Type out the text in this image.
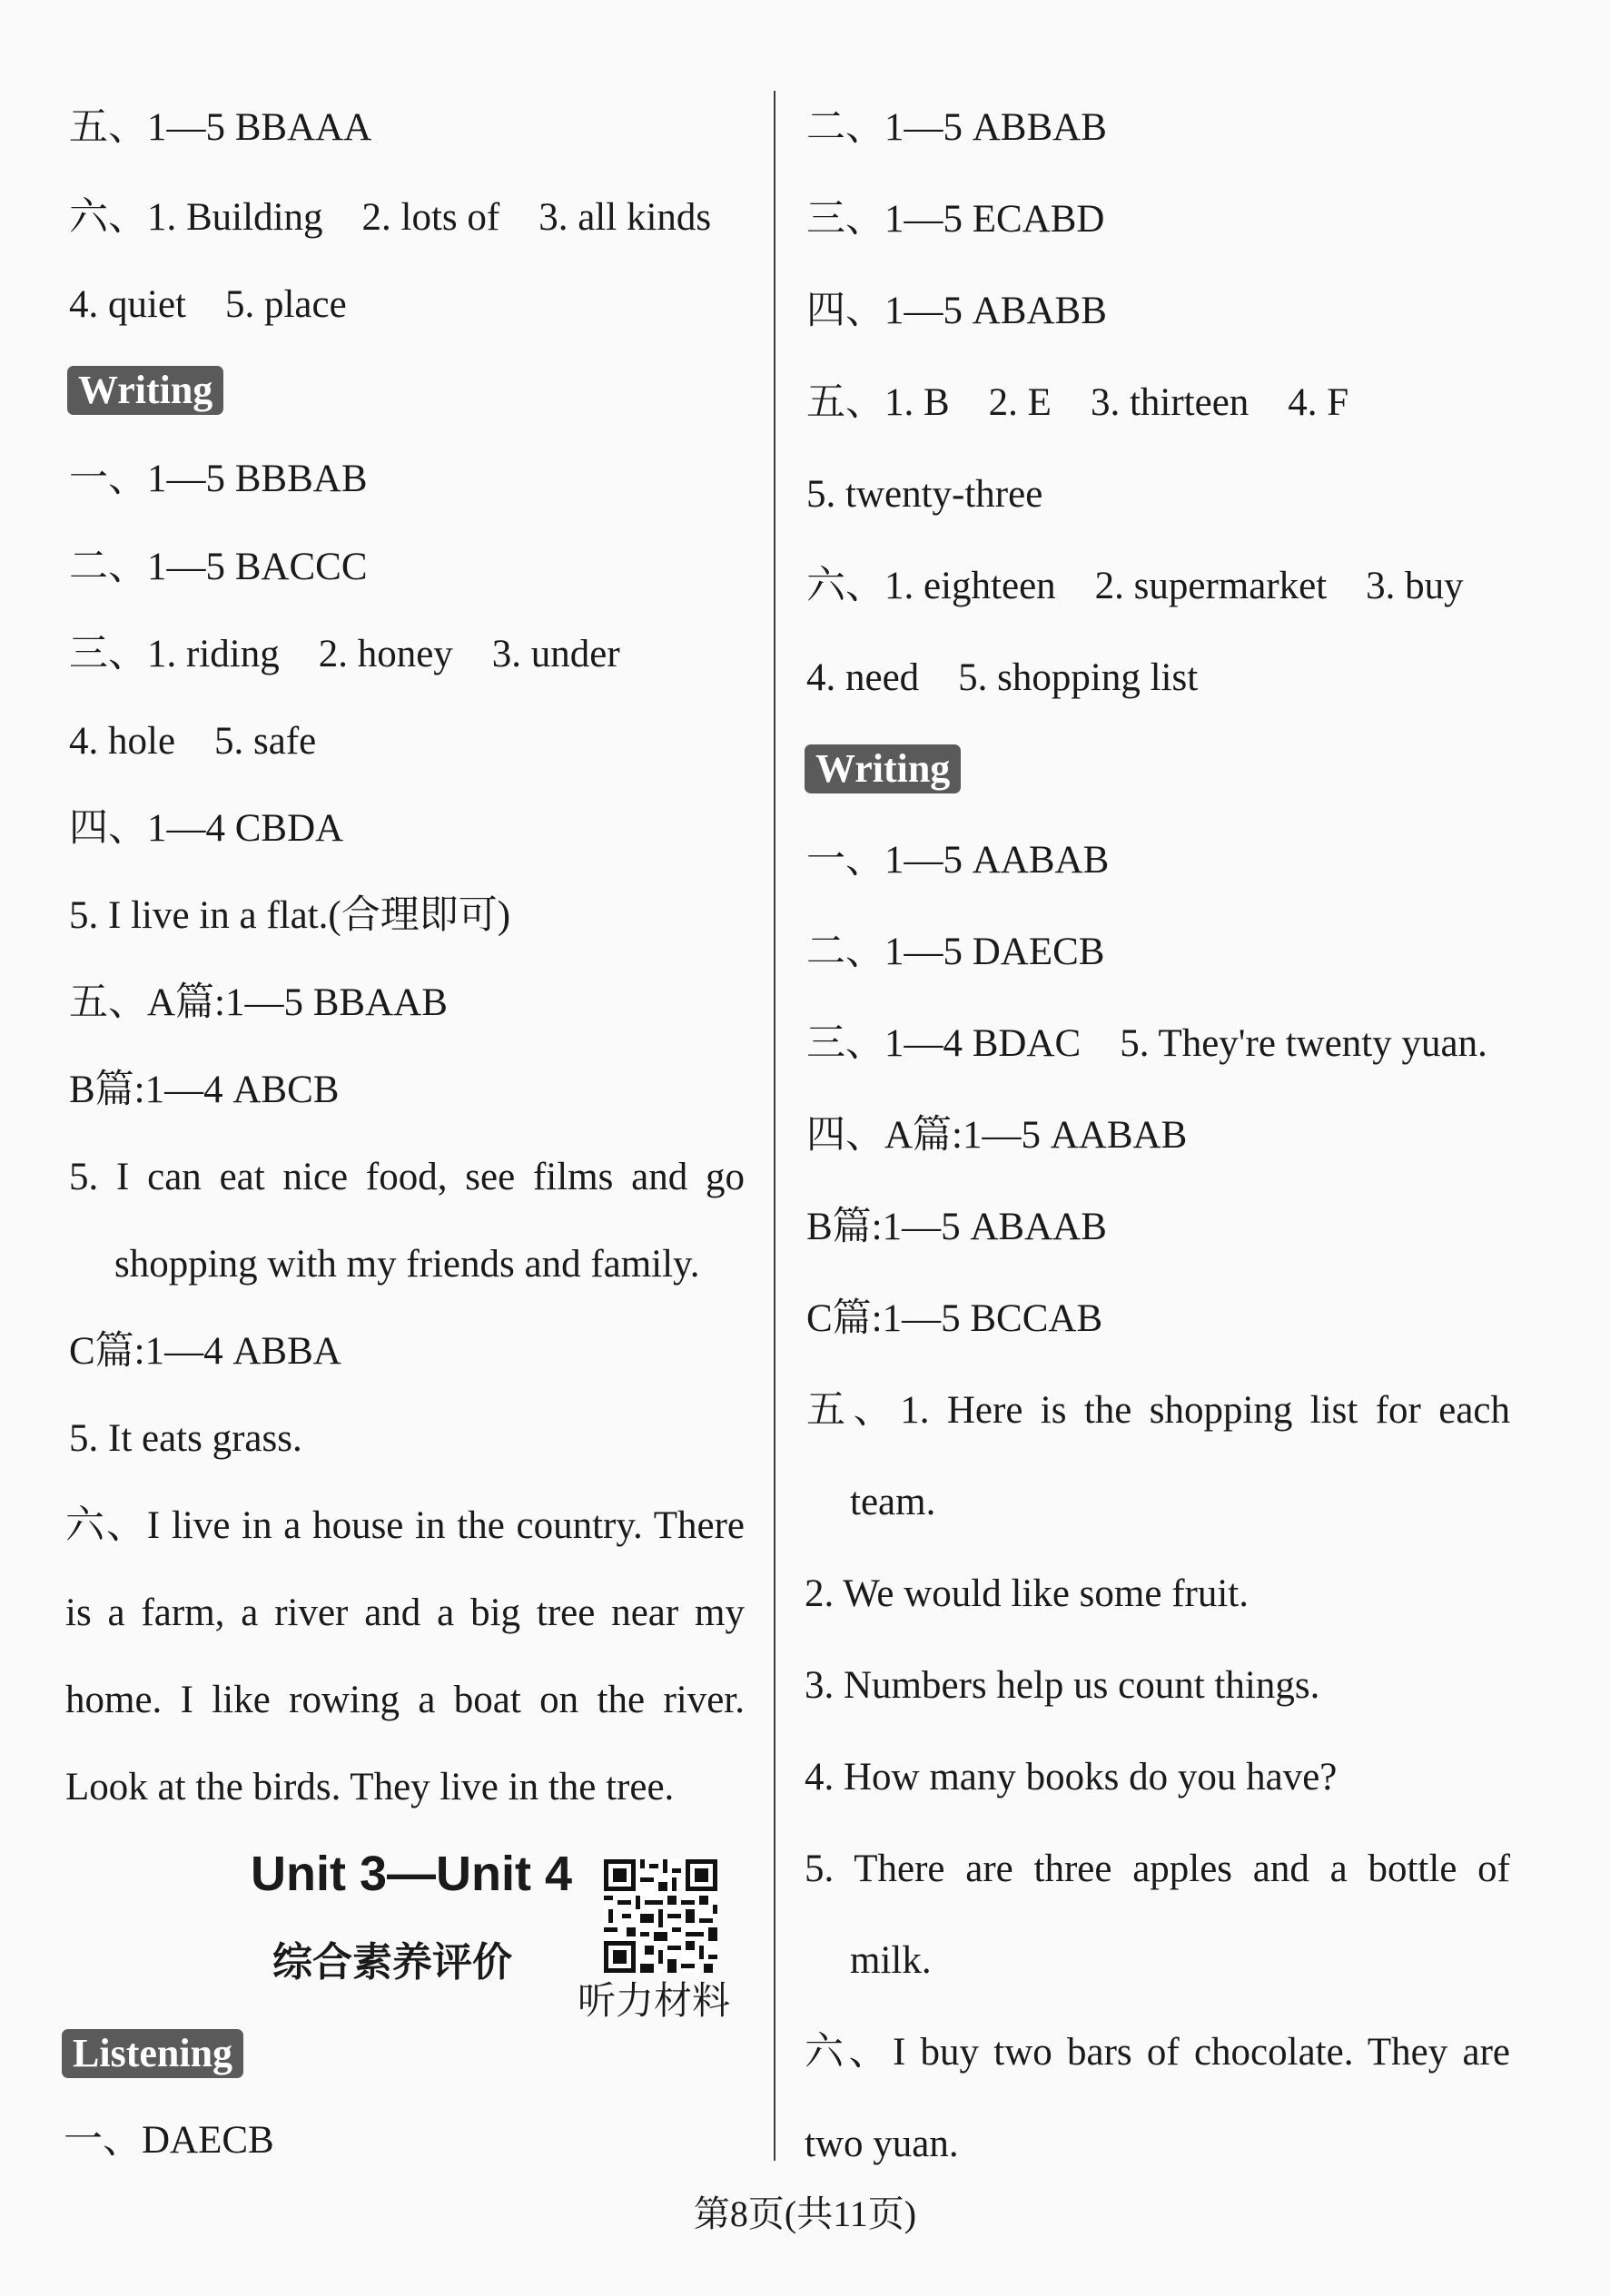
五、1—5 BBAAA
六、1. Building    2. lots of    3. all kinds
4. quiet    5. place
Writing
一、1—5 BBBAB
二、1—5 BACCC
三、1. riding    2. honey    3. under
4. hole    5. safe
四、1—4 CBDA
5. I live in a flat.(合理即可)
五、A篇:1—5 BBAAB
B篇:1—4 ABCB
5. I can eat nice food, see films and go
shopping with my friends and family.
C篇:1—4 ABBA
5. It eats grass.
六、I live in a house in the country. There
is a farm, a river and a big tree near my
home. I like rowing a boat on the river.
Look at the birds. They live in the tree.
Unit 3—Unit 4
综合素养评价
听力材料
Listening
一、DAECB
二、1—5 ABBAB
三、1—5 ECABD
四、1—5 ABABB
五、1. B    2. E    3. thirteen    4. F
5. twenty-three
六、1. eighteen    2. supermarket    3. buy
4. need    5. shopping list
Writing
一、1—5 AABAB
二、1—5 DAECB
三、1—4 BDAC    5. They're twenty yuan.
四、A篇:1—5 AABAB
B篇:1—5 ABAAB
C篇:1—5 BCCAB
五、1. Here is the shopping list for each
team.
2. We would like some fruit.
3. Numbers help us count things.
4. How many books do you have?
5. There are three apples and a bottle of
milk.
六、I buy two bars of chocolate. They are
two yuan.
第8页(共11页)
